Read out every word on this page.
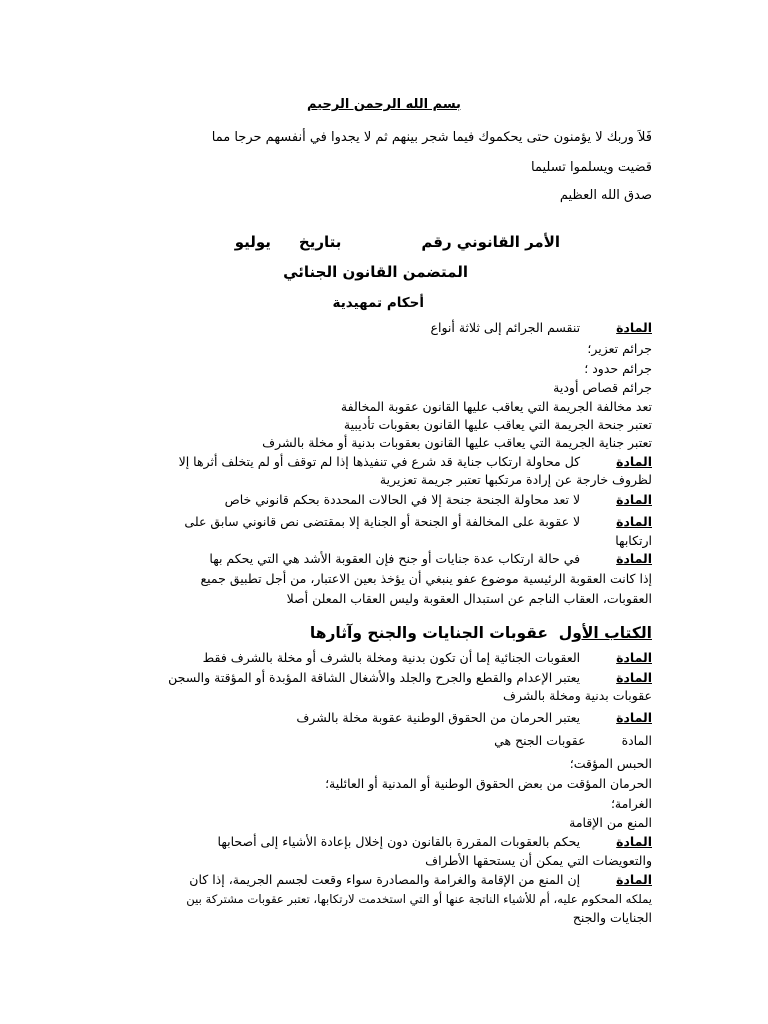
بسم الله الرحمن الرحيم
فَلاَ وربك لا يؤمنون حتى يحكموك فيما شجر بينهم ثم لا يجدوا في أنفسهم حرجا مما
قضيت ويسلموا تسليما
صدق الله العظيم
الأمر القانوني رقمبتاريخيوليو
المتضمن القانون الجنائي
أحكام تمهيدية
المادةتنقسم الجرائم إلى ثلاثة أنواع
جرائم تعزير؛
جرائم حدود ؛
جرائم قصاص أودية
تعد مخالفة الجريمة التي يعاقب عليها القانون عقوبة المخالفة
تعتبر جنحة الجريمة التي يعاقب عليها القانون بعقوبات تأديبية
تعتبر جناية الجريمة التي يعاقب عليها القانون بعقوبات بدنية أو مخلة بالشرف
المادةكل محاولة ارتكاب جناية قد شرع في تنفيذها إذا لم توقف أو لم يتخلف أثرها إلا
لظروف خارجة عن إرادة مرتكبها تعتبر جريمة تعزيرية
المادةلا تعد محاولة الجنحة جنحة إلا في الحالات المحددة بحكم قانوني خاص
المادةلا عقوبة على المخالفة أو الجنحة أو الجناية إلا بمقتضى نص قانوني سابق على
ارتكابها
المادةفي حالة ارتكاب عدة جنايات أو جنح فإن العقوبة الأشد هي التي يحكم بها
إذا كانت العقوبة الرئيسية موضوع عفو ينبغي أن يؤخذ بعين الاعتبار، من أجل تطبيق جميع
العقوبات، العقاب الناجم عن استبدال العقوبة وليس العقاب المعلن أصلا
الكتاب الأول  عقوبات الجنايات والجنح وآثارها
المادةالعقوبات الجنائية إما أن تكون بدنية ومخلة بالشرف أو مخلة بالشرف فقط
المادةيعتبر الإعدام والقطع والجرح والجلد والأشغال الشاقة المؤبدة أو المؤقتة والسجن
عقوبات بدنية ومخلة بالشرف
المادةيعتبر الحرمان من الحقوق الوطنية عقوبة مخلة بالشرف
المادةعقوبات الجنح هي
الحبس المؤقت؛
الحرمان المؤقت من بعض الحقوق الوطنية أو المدنية أو العائلية؛
الغرامة؛
المنع من الإقامة
المادةيحكم بالعقوبات المقررة بالقانون دون إخلال بإعادة الأشياء إلى أصحابها
والتعويضات التي يمكن أن يستحقها الأطراف
المادةإن المنع من الإقامة والغرامة والمصادرة سواء وقعت لجسم الجريمة، إذا كان
يملكه المحكوم عليه، أم للأشياء الناتجة عنها أو التي استخدمت لارتكابها، تعتبر عقوبات مشتركة بين
الجنايات والجنح
